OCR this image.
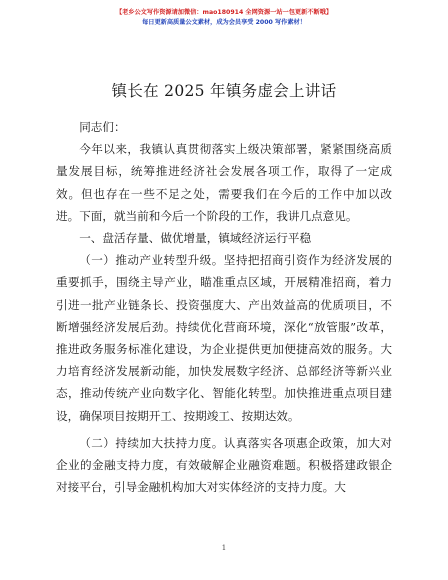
【老乡公文写作资源请加微信：mao180914 全网资源一站一包更新不断哦】
每日更新高质量公文素材，成为会员享受 2000 写作素材！
镇长在 2025 年镇务虚会上讲话

同志们：

今年以来，我镇认真贯彻落实上级决策部署，紧紧围绕高质量发展目标，统筹推进经济社会发展各项工作，取得了一定成效。但也存在一些不足之处，需要我们在今后的工作中加以改进。下面，就当前和今后一个阶段的工作，我讲几点意见。

一、盘活存量、做优增量，镇域经济运行平稳

（一）推动产业转型升级。坚持把招商引资作为经济发展的重要抓手，围绕主导产业，瞄准重点区域，开展精准招商，着力引进一批产业链条长、投资强度大、产出效益高的优质项目，不断增强经济发展后劲。持续优化营商环境，深化“放管服”改革，推进政务服务标准化建设，为企业提供更加便捷高效的服务。大力培育经济发展新动能，加快发展数字经济、总部经济等新兴业态，推动传统产业向数字化、智能化转型。加快推进重点项目建设，确保项目按期开工、按期竣工、按期达效。

（二）持续加大扶持力度。认真落实各项惠企政策，加大对企业的金融支持力度，有效破解企业融资难题。积极搭建政银企对接平台，引导金融机构加大对实体经济的支持力度。大

1
